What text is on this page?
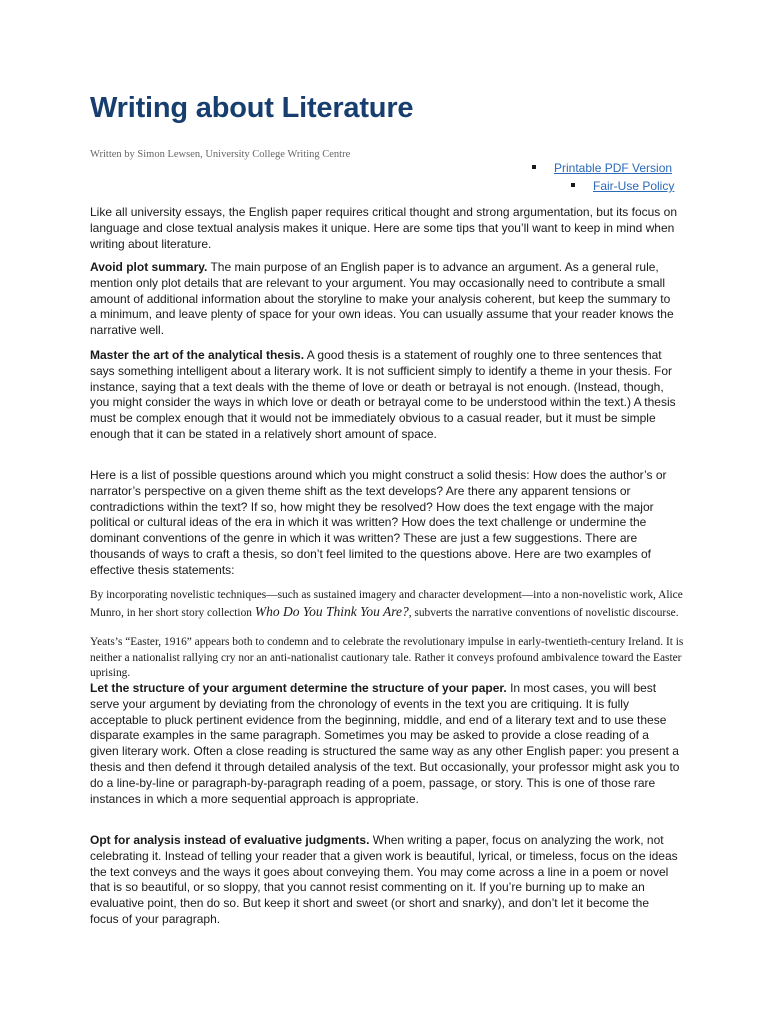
Writing about Literature

Written by Simon Lewsen, University College Writing Centre

Printable PDF Version
Fair-Use Policy

Like all university essays, the English paper requires critical thought and strong argumentation, but its focus on language and close textual analysis makes it unique. Here are some tips that you’ll want to keep in mind when writing about literature.

Avoid plot summary. The main purpose of an English paper is to advance an argument. As a general rule, mention only plot details that are relevant to your argument. You may occasionally need to contribute a small amount of additional information about the storyline to make your analysis coherent, but keep the summary to a minimum, and leave plenty of space for your own ideas. You can usually assume that your reader knows the narrative well.

Master the art of the analytical thesis. A good thesis is a statement of roughly one to three sentences that says something intelligent about a literary work. It is not sufficient simply to identify a theme in your thesis. For instance, saying that a text deals with the theme of love or death or betrayal is not enough. (Instead, though, you might consider the ways in which love or death or betrayal come to be understood within the text.) A thesis must be complex enough that it would not be immediately obvious to a casual reader, but it must be simple enough that it can be stated in a relatively short amount of space.

Here is a list of possible questions around which you might construct a solid thesis: How does the author’s or narrator’s perspective on a given theme shift as the text develops? Are there any apparent tensions or contradictions within the text? If so, how might they be resolved? How does the text engage with the major political or cultural ideas of the era in which it was written? How does the text challenge or undermine the dominant conventions of the genre in which it was written? These are just a few suggestions. There are thousands of ways to craft a thesis, so don’t feel limited to the questions above. Here are two examples of effective thesis statements:

By incorporating novelistic techniques—such as sustained imagery and character development—into a non-novelistic work, Alice Munro, in her short story collection Who Do You Think You Are?, subverts the narrative conventions of novelistic discourse.

Yeats’s “Easter, 1916” appears both to condemn and to celebrate the revolutionary impulse in early-twentieth-century Ireland. It is neither a nationalist rallying cry nor an anti-nationalist cautionary tale. Rather it conveys profound ambivalence toward the Easter uprising.

Let the structure of your argument determine the structure of your paper. In most cases, you will best serve your argument by deviating from the chronology of events in the text you are critiquing. It is fully acceptable to pluck pertinent evidence from the beginning, middle, and end of a literary text and to use these disparate examples in the same paragraph. Sometimes you may be asked to provide a close reading of a given literary work. Often a close reading is structured the same way as any other English paper: you present a thesis and then defend it through detailed analysis of the text. But occasionally, your professor might ask you to do a line-by-line or paragraph-by-paragraph reading of a poem, passage, or story. This is one of those rare instances in which a more sequential approach is appropriate.

Opt for analysis instead of evaluative judgments. When writing a paper, focus on analyzing the work, not celebrating it. Instead of telling your reader that a given work is beautiful, lyrical, or timeless, focus on the ideas the text conveys and the ways it goes about conveying them. You may come across a line in a poem or novel that is so beautiful, or so sloppy, that you cannot resist commenting on it. If you’re burning up to make an evaluative point, then do so. But keep it short and sweet (or short and snarky), and don’t let it become the focus of your paragraph.
